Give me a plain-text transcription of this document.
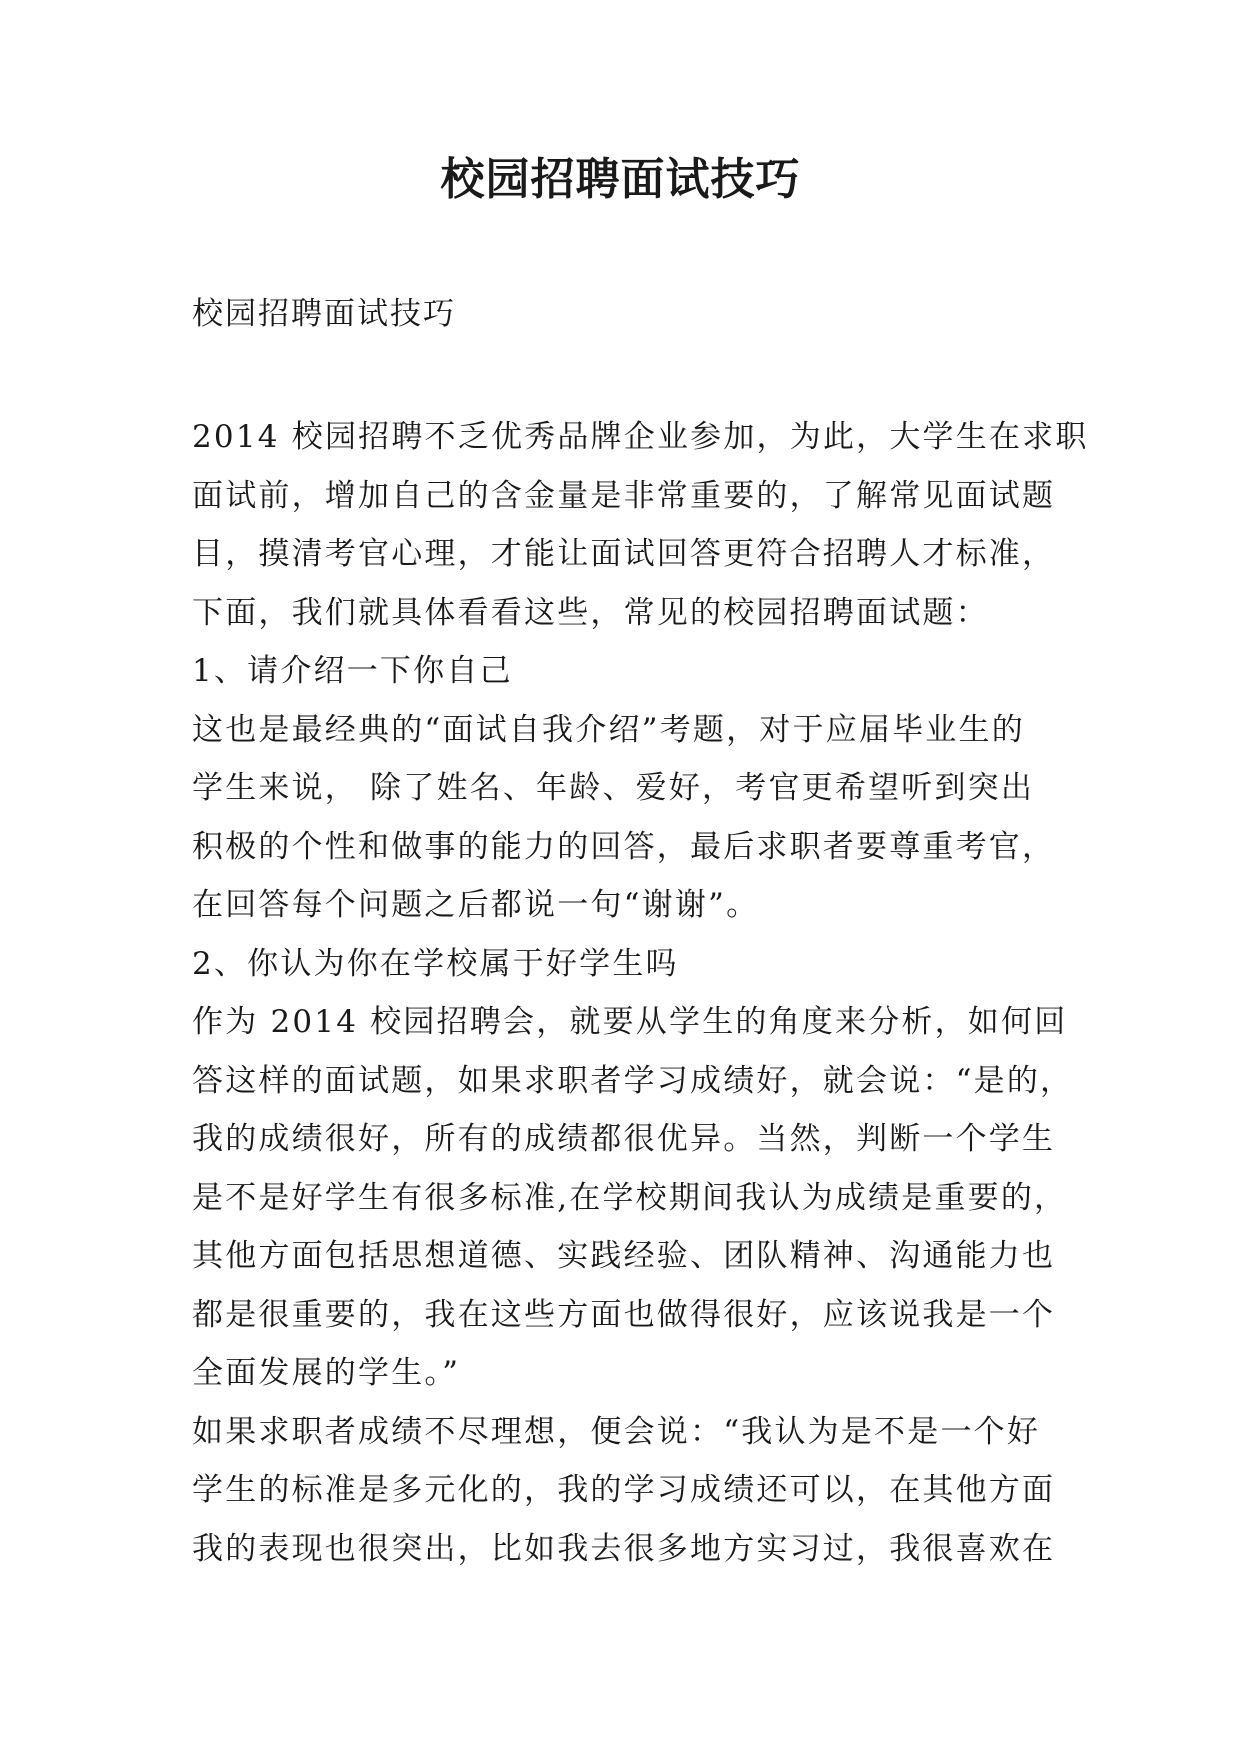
校园招聘面试技巧

校园招聘面试技巧

2014 校园招聘不乏优秀品牌企业参加，为此，大学生在求职
面试前，增加自己的含金量是非常重要的，了解常见面试题
目，摸清考官心理，才能让面试回答更符合招聘人才标准，
下面，我们就具体看看这些，常见的校园招聘面试题：
1、请介绍一下你自己
这也是最经典的“面试自我介绍”考题，对于应届毕业生的
学生来说， 除了姓名、年龄、爱好，考官更希望听到突出
积极的个性和做事的能力的回答，最后求职者要尊重考官，
在回答每个问题之后都说一句“谢谢”。
2、你认为你在学校属于好学生吗
作为 2014 校园招聘会，就要从学生的角度来分析，如何回
答这样的面试题，如果求职者学习成绩好，就会说：“是的，
我的成绩很好，所有的成绩都很优异。当然，判断一个学生
是不是好学生有很多标准,在学校期间我认为成绩是重要的，
其他方面包括思想道德、实践经验、团队精神、沟通能力也
都是很重要的，我在这些方面也做得很好，应该说我是一个
全面发展的学生。”
如果求职者成绩不尽理想，便会说：“我认为是不是一个好
学生的标准是多元化的，我的学习成绩还可以，在其他方面
我的表现也很突出，比如我去很多地方实习过，我很喜欢在
